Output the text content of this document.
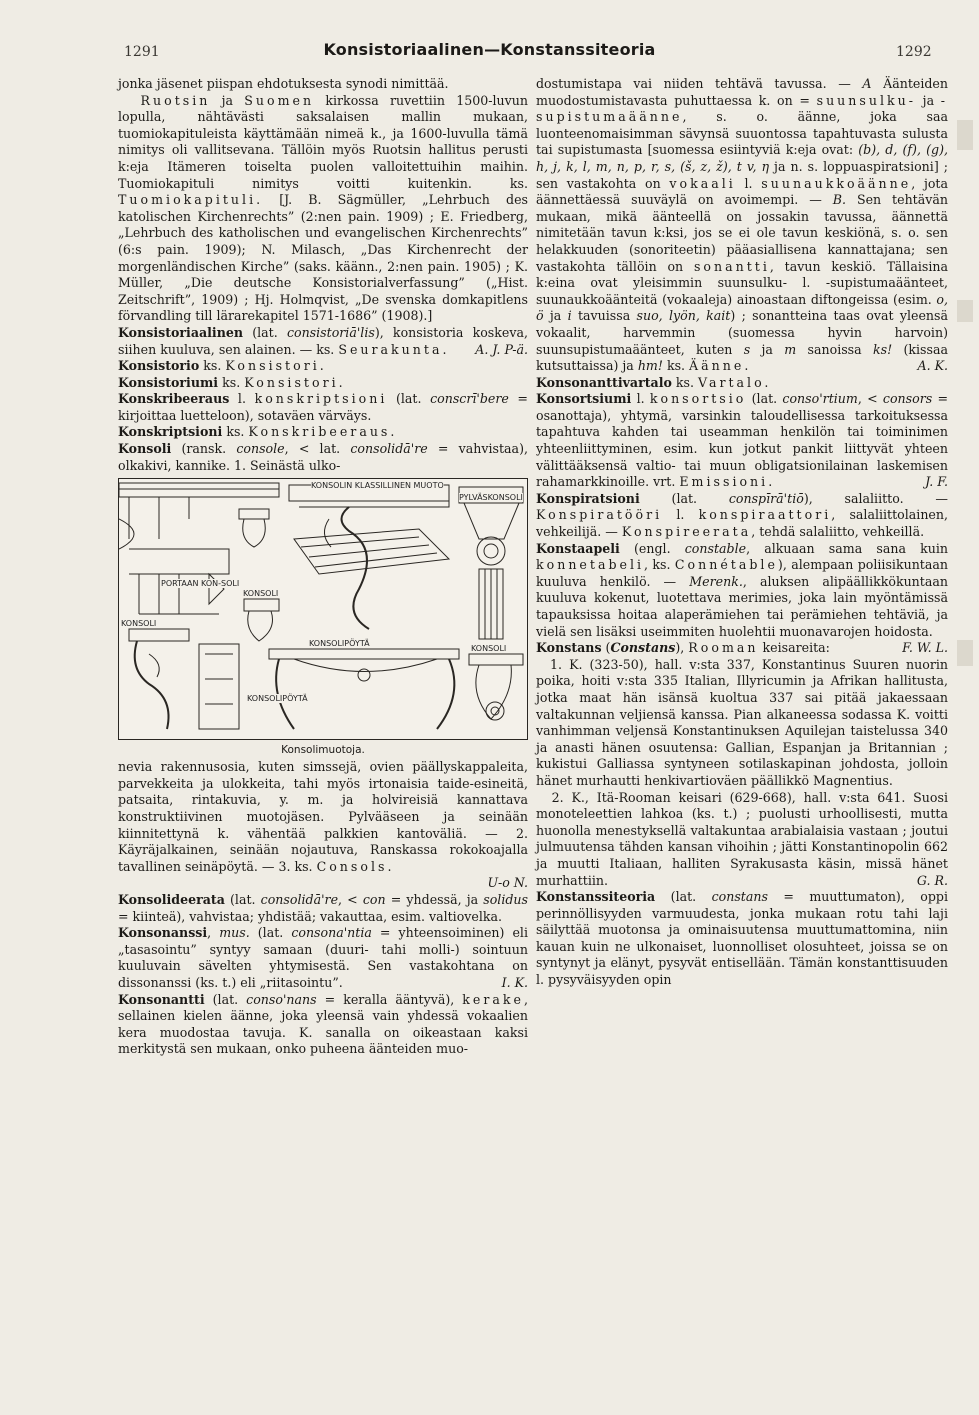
1291	Konsistoriaalinen—Konstanssiteoria	1292

jonka jäsenet piispan ehdotuksesta synodi nimittää.

Ruotsin ja Suomen kirkossa ruvettiin 1500-luvun lopulla, nähtävästi saksalaisen mallin mukaan, tuomiokapituleista käyttämään nimeä k., ja 1600-luvulla tämä nimitys oli vallitsevana. Tällöin myös Ruotsin hallitus perusti k:eja Itämeren toiselta puolen valloitettuihin maihin. Tuomiokapituli nimitys voitti kuitenkin. ks. Tuomiokapituli. [J. B. Sägmüller, „Lehrbuch des katolischen Kirchenrechts” (2:nen pain. 1909) ; E. Friedberg, „Lehrbuch des katholischen und evangelischen Kirchenrechts” (6:s pain. 1909); N. Milasch, „Das Kirchenrecht der morgenländischen Kirche” (saks. käänn., 2:nen pain. 1905) ; K. Müller, „Die deutsche Konsistorialverfassung” („Hist. Zeitschrift”, 1909) ; Hj. Holmqvist, „De svenska domkapitlens förvandling till lärarekapitel 1571-1686” (1908).]

Konsistoriaalinen (lat. consistoriā'lis), konsistoria koskeva, siihen kuuluva, sen alainen. — ks. Seurakunta. A. J. P-ä.

Konsistorio ks. Konsistori.

Konsistoriumi ks. Konsistori.

Konskribeeraus l. konskriptsioni (lat. conscrī'bere = kirjoittaa luetteloon), sotaväen värväys.

Konskriptsioni ks. Konskribeeraus.

Konsoli (ransk. console, < lat. consolidā're = vahvistaa), olkakivi, kannike. 1. Seinästä ulko-

KONSOLIN KLASSILLINEN MUOTO
PYLVÄSKONSOLI
PORTAAN KON-SOLI
KONSOLI
KONSOLI
KONSOLIPÖYTÄ
KONSOLI
KONSOLIPÖYTÄ
Konsolimuotoja.

nevia rakennusosia, kuten simssejä, ovien päällyskappaleita, parvekkeita ja ulokkeita, tahi myös irtonaisia taide-esineitä, patsaita, rintakuvia, y. m. ja holvireisiä kannattava konstruktiivinen muotojäsen. Pylvääseen ja seinään kiinnitettynä k. vähentää palkkien kantoväliä. — 2. Käyräjalkainen, seinään nojautuva, Ranskassa rokokoajalla tavallinen seinäpöytä. — 3. ks. Consols.

U-o N.

Konsolideerata (lat. consolidā're, < con = yhdessä, ja solidus = kiinteä), vahvistaa; yhdistää; vakauttaa, esim. valtiovelka.

Konsonanssi, mus. (lat. consona'ntia = yhteensoiminen) eli „tasasointu” syntyy samaan (duuri- tahi molli-) sointuun kuuluvain sävelten yhtymisestä. Sen vastakohtana on dissonanssi (ks. t.) eli „riitasointu”.	I. K.

Konsonantti (lat. conso'nans = keralla ääntyvä), kerake, sellainen kielen äänne, joka yleensä vain yhdessä vokaalien kera muodostaa tavuja. K. sanalla on oikeastaan kaksi merkitystä sen mukaan, onko puheena äänteiden muo-

dostumistapa vai niiden tehtävä tavussa. — A Äänteiden muodostumistavasta puhuttaessa k. on = suunsulku- ja -supistumaäänne, s. o. äänne, joka saa luonteenomaisimman sävynsä suuontossa tapahtuvasta sulusta tai supistumasta [suomessa esiintyviä k:eja ovat: (b), d, (f), (g), h, j, k, l, m, n, p, r, s, (š, z, ž), t v, η ja n. s. loppuaspiratsioni] ; sen vastakohta on vokaali l. suunaukkoäänne, jota äännettäessä suuväylä on avoimempi. — B. Sen tehtävän mukaan, mikä äänteellä on jossakin tavussa, äännettä nimitetään tavun k:ksi, jos se ei ole tavun keskiönä, s. o. sen helakkuuden (sonoriteetin) pääasiallisena kannattajana; sen vastakohta tällöin on sonantti, tavun keskiö. Tällaisina k:eina ovat yleisimmin suunsulku- l. -supistumaäänteet, suunaukkoäänteitä (vokaaleja) ainoastaan diftongeissa (esim. o, ö ja i tavuissa suo, lyön, kait) ; sonantteina taas ovat yleensä vokaalit, harvemmin (suomessa hyvin harvoin) suunsupistumaäänteet, kuten s ja m sanoissa ks! (kissaa kutsuttaissa) ja hm! ks. Äänne.	A. K.

Konsonanttivartalo ks. Vartalo.

Konsortsiumi l. konsortsio (lat. conso'rtium, < consors = osanottaja), yhtymä, varsinkin taloudellisessa tarkoituksessa tapahtuva kahden tai useamman henkilön tai toiminimen yhteenliittyminen, esim. kun jotkut pankit liittyvät yhteen välittääksensä valtio- tai muun obligatsionilainan laskemisen rahamarkkinoille. vrt. Emissioni.	J. F.

Konspiratsioni (lat. conspīrā'tiō), salaliitto. — Konspiratööri l. konspiraattori, salaliittolainen, vehkeilijä. — Konspireerata, tehdä salaliitto, vehkeillä.

Konstaapeli (engl. constable, alkuaan sama sana kuin konnetabeli, ks. Connétable), alempaan poliisikuntaan kuuluva henkilö. — Merenk., aluksen alipäällikkökuntaan kuuluva kokenut, luotettava merimies, joka lain myöntämissä tapauksissa hoitaa alaperämiehen tai perämiehen tehtäviä, ja vielä sen lisäksi useimmiten huolehtii muonavarojen hoidosta.
F. W. L.

Konstans (Constans), Rooman keisareita:

1. K. (323-50), hall. v:sta 337, Konstantinus Suuren nuorin poika, hoiti v:sta 335 Italian, Illyricumin ja Afrikan hallitusta, jotka maat hän isänsä kuoltua 337 sai pitää jakaessaan valtakunnan veljiensä kanssa. Pian alkaneessa sodassa K. voitti vanhimman veljensä Konstantinuksen Aquilejan taistelussa 340 ja anasti hänen osuutensa: Gallian, Espanjan ja Britannian ; kukistui Galliassa syntyneen sotilaskapinan johdosta, jolloin hänet murhautti henkivartioväen päällikkö Magnentius.

2. K., Itä-Rooman keisari (629-668), hall. v:sta 641. Suosi monoteleettien lahkoa (ks. t.) ; puolusti urhoollisesti, mutta huonolla menestyksellä valtakuntaa arabialaisia vastaan ; joutui julmuutensa tähden kansan vihoihin ; jätti Konstantinopolin 662 ja muutti Italiaan, halliten Syrakusasta käsin, missä hänet murhattiin.	G. R.

Konstanssiteoria (lat. constans = muuttumaton), oppi perinnöllisyyden varmuudesta, jonka mukaan rotu tahi laji säilyttää muotonsa ja ominaisuutensa muuttumattomina, niin kauan kuin ne ulkonaiset, luonnolliset olosuhteet, joissa se on syntynyt ja elänyt, pysyvät entisellään. Tämän konstanttisuuden l. pysyväisyyden opin
